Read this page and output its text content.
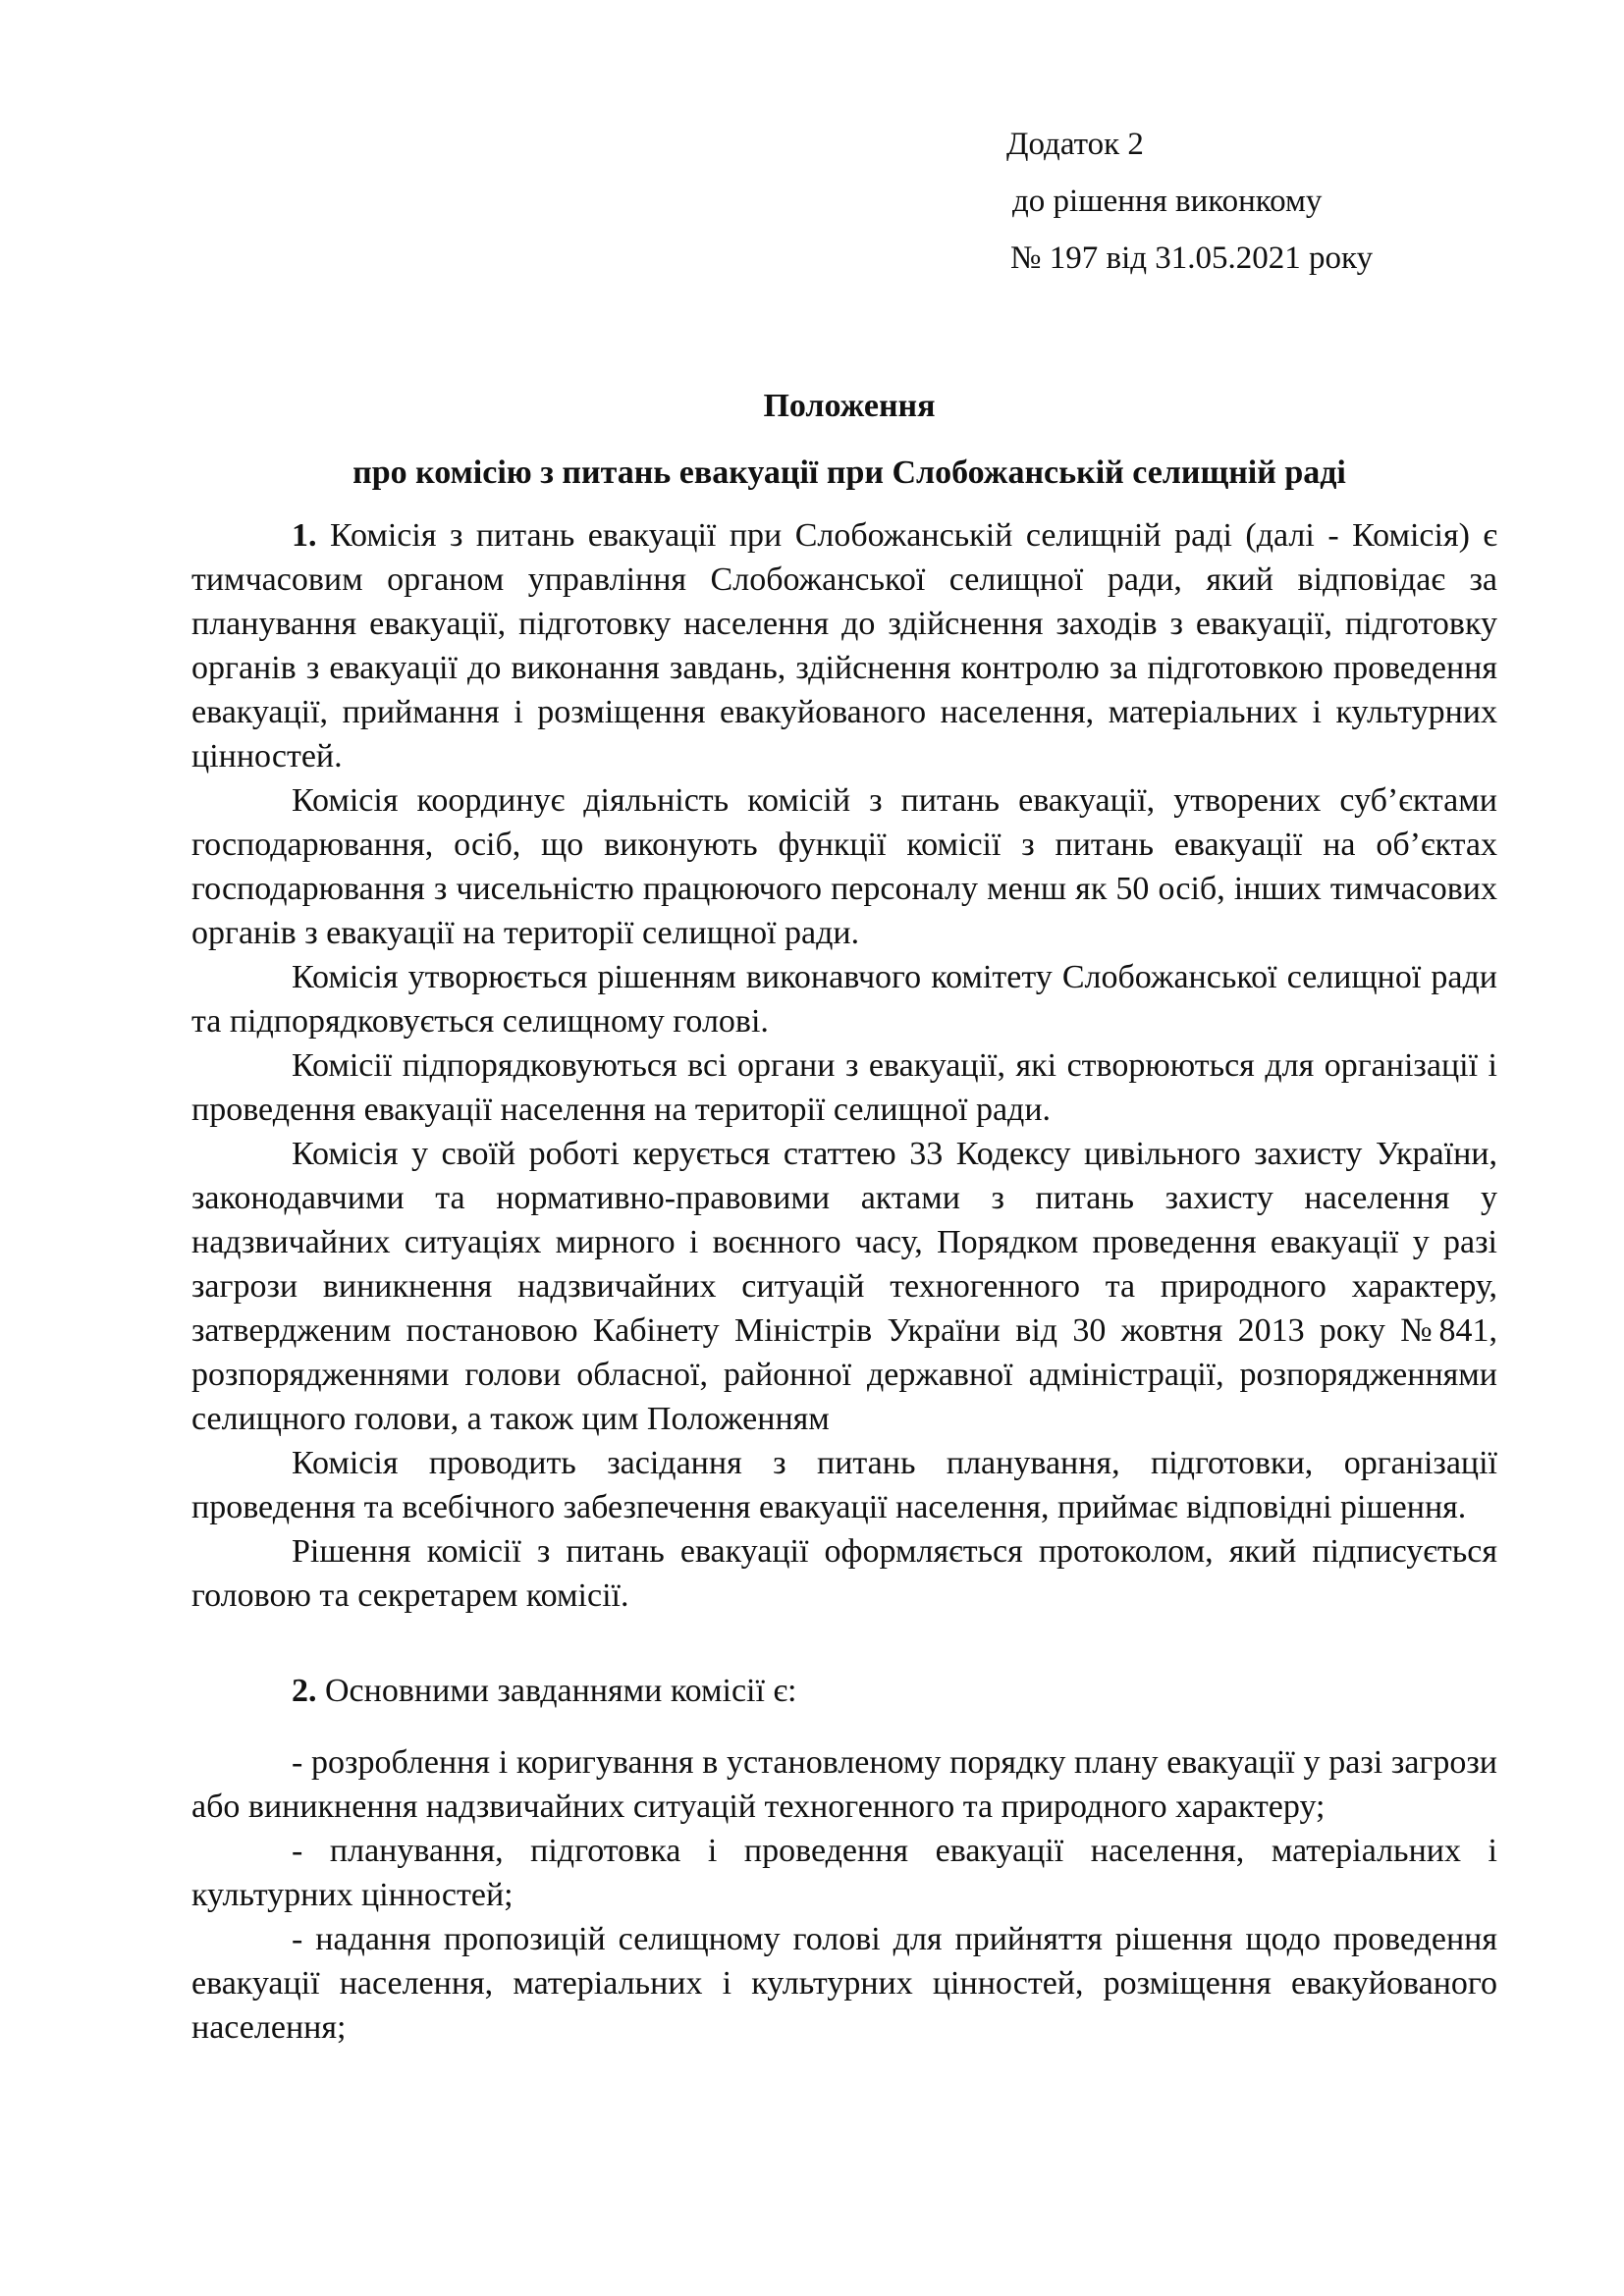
Додаток 2
до рішення виконкому
№ 197 від 31.05.2021 року
Положення
про комісію з питань евакуації при Слобожанській селищній раді

1. Комісія з питань евакуації при Слобожанській селищній раді (далі - Комісія) є тимчасовим органом управління Слобожанської селищної ради, який відповідає за планування евакуації, підготовку населення до здійснення заходів з евакуації, підготовку органів з евакуації до виконання завдань, здійснення контролю за підготовкою проведення евакуації, приймання і розміщення евакуйованого населення, матеріальних і культурних цінностей.

Комісія координує діяльність комісій з питань евакуації, утворених суб’єктами господарювання, осіб, що виконують функції комісії з питань евакуації на об’єктах господарювання з чисельністю працюючого персоналу менш як 50 осіб, інших тимчасових органів з евакуації на території селищної ради.

Комісія утворюється рішенням виконавчого комітету Слобожанської селищної ради та підпорядковується селищному голові.

Комісії підпорядковуються всі органи з евакуації, які створюються для організації і проведення евакуації населення на території селищної ради.

Комісія у своїй роботі керується статтею 33 Кодексу цивільного захисту України, законодавчими та нормативно-правовими актами з питань захисту населення у надзвичайних ситуаціях мирного і воєнного часу, Порядком проведення евакуації у разі загрози виникнення надзвичайних ситуацій техногенного та природного характеру, затвердженим постановою Кабінету Міністрів України від 30 жовтня 2013 року №841, розпорядженнями голови обласної, районної державної адміністрації, розпорядженнями селищного голови, а також цим Положенням

Комісія проводить засідання з питань планування, підготовки, організації проведення та всебічного забезпечення евакуації населення, приймає відповідні рішення.

Рішення комісії з питань евакуації оформляється протоколом, який підписується головою та секретарем комісії.

2. Основними завданнями комісії є:

- розроблення і коригування в установленому порядку плану евакуації у разі загрози або виникнення надзвичайних ситуацій техногенного та природного характеру;

- планування, підготовка і проведення евакуації населення, матеріальних і культурних цінностей;

- надання пропозицій селищному голові для прийняття рішення щодо проведення евакуації населення, матеріальних і культурних цінностей, розміщення евакуйованого населення;
